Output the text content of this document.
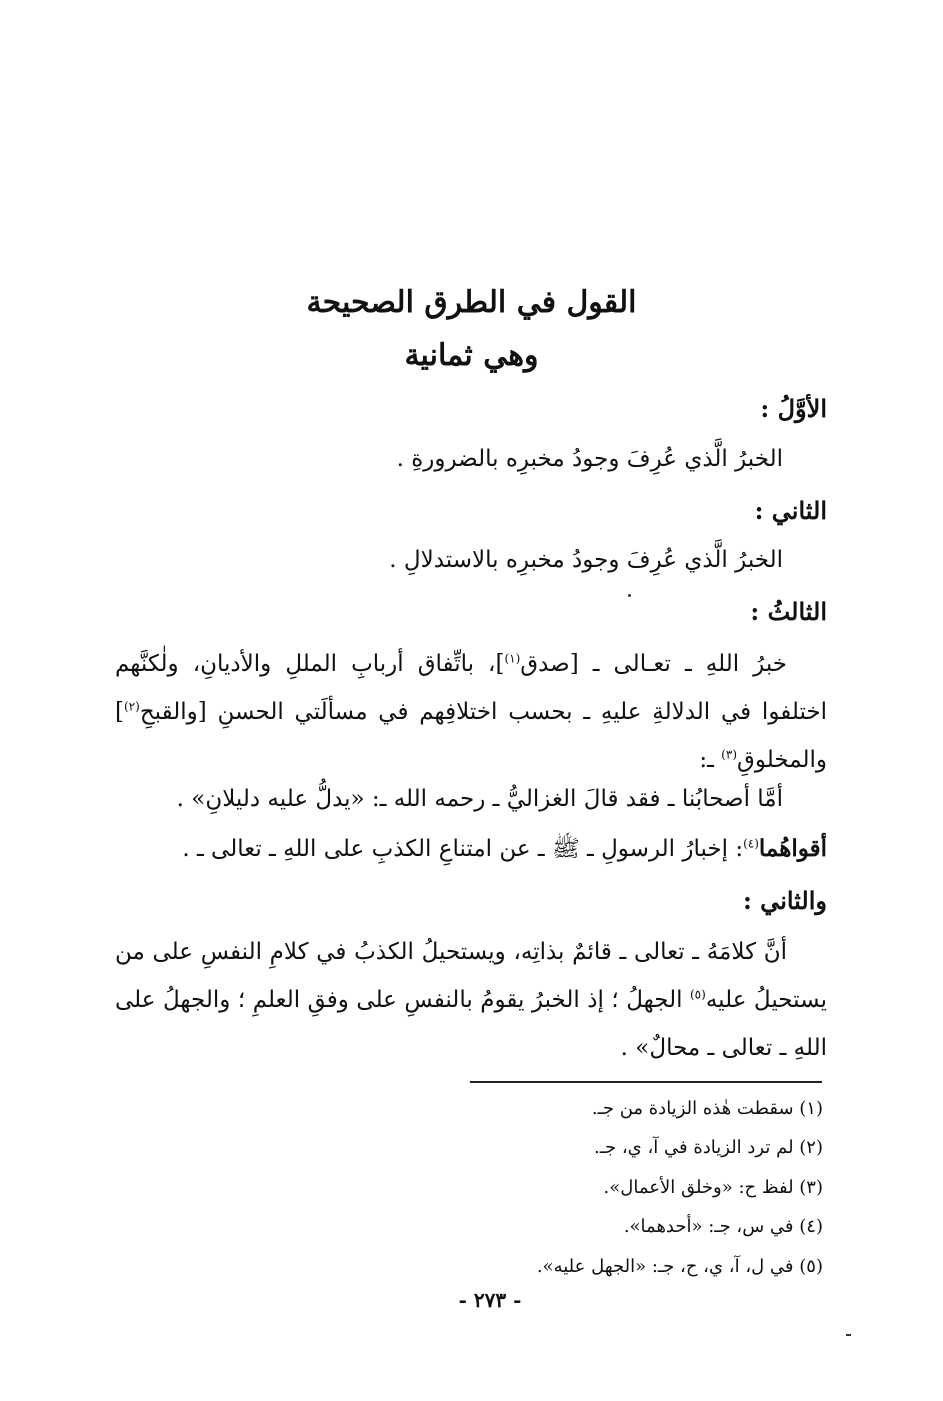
القول في الطرق الصحيحة
وهي ثمانية
الأوَّلُ :
الخبرُ الَّذي عُرِفَ وجودُ مخبرِه بالضرورةِ .
الثاني :
الخبرُ الَّذي عُرِفَ وجودُ مخبرِه بالاستدلالِ .
الثالثُ :
خبرُ اللهِ ـ تعـالى ـ [صدق$^{(١)}$]، باتِّفاق أربابِ المللِ والأديانِ، ولٰكنَّهم اختلفوا في الدلالةِ عليهِ ـ بحسب اختلافِهم في مسألَتي الحسنِ [والقبحِ$^{(٢)}$] والمخلوقِ$^{(٣)}$ ـ:
أمَّا أصحابُنا ـ فقد قالَ الغزاليُّ ـ رحمه الله ـ: «يدلُّ عليه دليلانِ» .
أقواهُما$^{(٤)}$: إخبارُ الرسولِ ـ ﷺ ـ عن امتناعِ الكذبِ على اللهِ ـ تعالى ـ .
والثاني :
أنَّ كلامَهُ ـ تعالى ـ قائمٌ بذاتِه، ويستحيلُ الكذبُ في كلامِ النفسِ على من يستحيلُ عليه$^{(٥)}$ الجهلُ ؛ إذ الخبرُ يقومُ بالنفسِ على وفقِ العلمِ ؛ والجهلُ على اللهِ ـ تعالى ـ محالٌ» .
(١) سقطت هٰذه الزيادة من جـ.
(٢) لم ترد الزيادة في آ، ي، جـ.
(٣) لفظ ح: «وخلق الأعمال».
(٤) في س، جـ: «أحدهما».
(٥) في ل، آ، ي، ح، جـ: «الجهل عليه».
- ٢٧٣ -
